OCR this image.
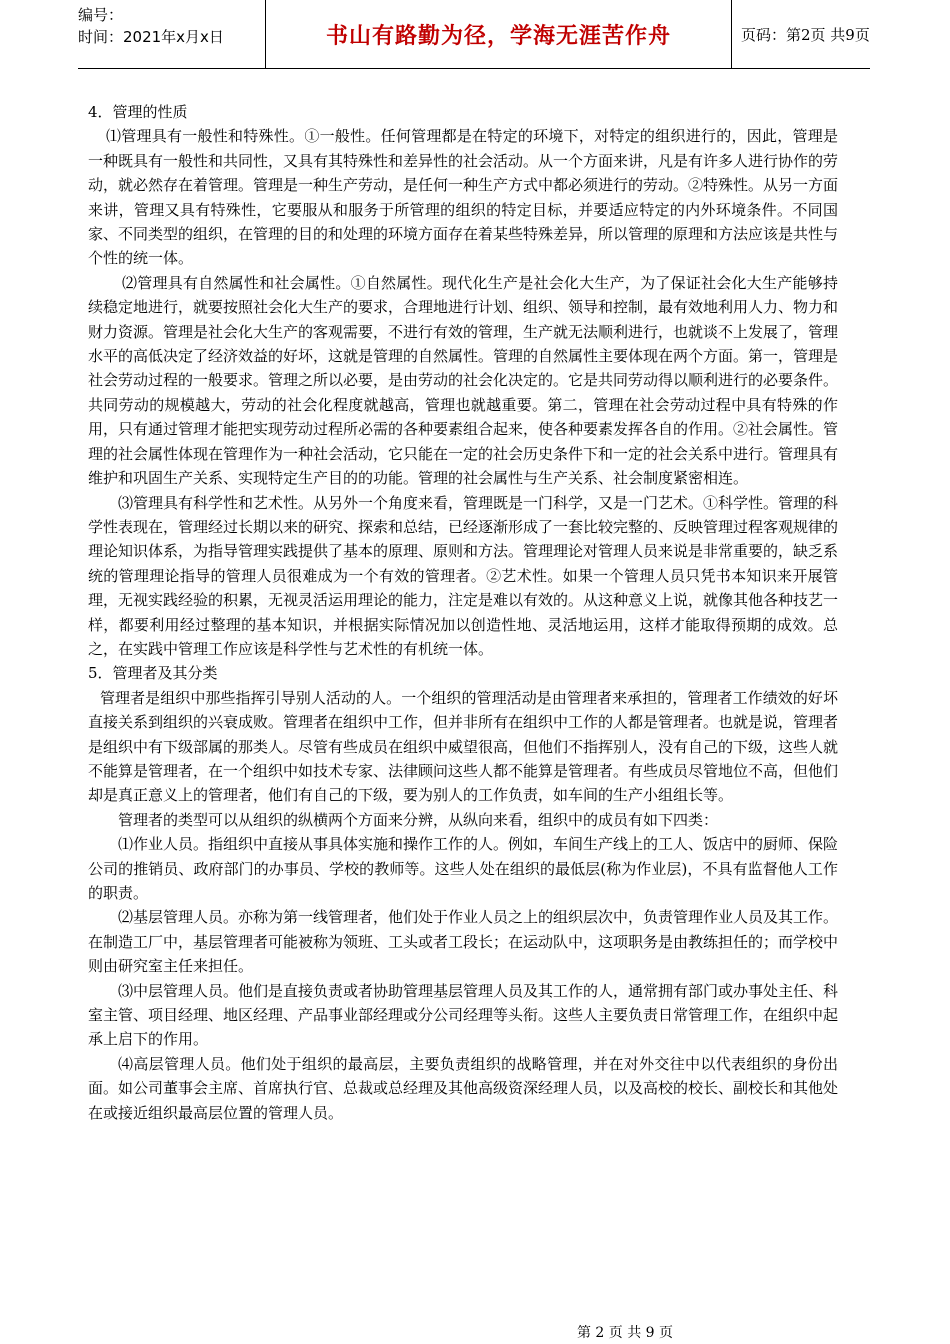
编号：
时间：2021年x月x日	书山有路勤为径，学海无涯苦作舟	页码：第2页 共9页

4．管理的性质

⑴管理具有一般性和特殊性。①一般性。任何管理都是在特定的环境下，对特定的组织进行的，因此，管理是一种既具有一般性和共同性，又具有其特殊性和差异性的社会活动。从一个方面来讲，凡是有许多人进行协作的劳动，就必然存在着管理。管理是一种生产劳动，是任何一种生产方式中都必须进行的劳动。②特殊性。从另一方面来讲，管理又具有特殊性，它要服从和服务于所管理的组织的特定目标，并要适应特定的内外环境条件。不同国家、不同类型的组织，在管理的目的和处理的环境方面存在着某些特殊差异，所以管理的原理和方法应该是共性与个性的统一体。

⑵管理具有自然属性和社会属性。①自然属性。现代化生产是社会化大生产，为了保证社会化大生产能够持续稳定地进行，就要按照社会化大生产的要求，合理地进行计划、组织、领导和控制，最有效地利用人力、物力和财力资源。管理是社会化大生产的客观需要，不进行有效的管理，生产就无法顺利进行，也就谈不上发展了，管理水平的高低决定了经济效益的好坏，这就是管理的自然属性。管理的自然属性主要体现在两个方面。第一，管理是社会劳动过程的一般要求。管理之所以必要，是由劳动的社会化决定的。它是共同劳动得以顺利进行的必要条件。共同劳动的规模越大，劳动的社会化程度就越高，管理也就越重要。第二，管理在社会劳动过程中具有特殊的作用，只有通过管理才能把实现劳动过程所必需的各种要素组合起来，使各种要素发挥各自的作用。②社会属性。管理的社会属性体现在管理作为一种社会活动，它只能在一定的社会历史条件下和一定的社会关系中进行。管理具有维护和巩固生产关系、实现特定生产目的的功能。管理的社会属性与生产关系、社会制度紧密相连。

⑶管理具有科学性和艺术性。从另外一个角度来看，管理既是一门科学，又是一门艺术。①科学性。管理的科学性表现在，管理经过长期以来的研究、探索和总结，已经逐渐形成了一套比较完整的、反映管理过程客观规律的理论知识体系，为指导管理实践提供了基本的原理、原则和方法。管理理论对管理人员来说是非常重要的，缺乏系统的管理理论指导的管理人员很难成为一个有效的管理者。②艺术性。如果一个管理人员只凭书本知识来开展管理，无视实践经验的积累，无视灵活运用理论的能力，注定是难以有效的。从这种意义上说，就像其他各种技艺一样，都要利用经过整理的基本知识，并根据实际情况加以创造性地、灵活地运用，这样才能取得预期的成效。总之，在实践中管理工作应该是科学性与艺术性的有机统一体。

5．管理者及其分类

管理者是组织中那些指挥引导别人活动的人。一个组织的管理活动是由管理者来承担的，管理者工作绩效的好坏直接关系到组织的兴衰成败。管理者在组织中工作，但并非所有在组织中工作的人都是管理者。也就是说，管理者是组织中有下级部属的那类人。尽管有些成员在组织中威望很高，但他们不指挥别人，没有自己的下级，这些人就不能算是管理者，在一个组织中如技术专家、法律顾问这些人都不能算是管理者。有些成员尽管地位不高，但他们却是真正意义上的管理者，他们有自己的下级，要为别人的工作负责，如车间的生产小组组长等。

管理者的类型可以从组织的纵横两个方面来分辨，从纵向来看，组织中的成员有如下四类：

⑴作业人员。指组织中直接从事具体实施和操作工作的人。例如，车间生产线上的工人、饭店中的厨师、保险公司的推销员、政府部门的办事员、学校的教师等。这些人处在组织的最低层(称为作业层)，不具有监督他人工作的职责。

⑵基层管理人员。亦称为第一线管理者，他们处于作业人员之上的组织层次中，负责管理作业人员及其工作。在制造工厂中，基层管理者可能被称为领班、工头或者工段长；在运动队中，这项职务是由教练担任的；而学校中则由研究室主任来担任。

⑶中层管理人员。他们是直接负责或者协助管理基层管理人员及其工作的人，通常拥有部门或办事处主任、科室主管、项目经理、地区经理、产品事业部经理或分公司经理等头衔。这些人主要负责日常管理工作，在组织中起承上启下的作用。

⑷高层管理人员。他们处于组织的最高层，主要负责组织的战略管理，并在对外交往中以代表组织的身份出面。如公司董事会主席、首席执行官、总裁或总经理及其他高级资深经理人员，以及高校的校长、副校长和其他处在或接近组织最高层位置的管理人员。

第 2 页 共 9 页
